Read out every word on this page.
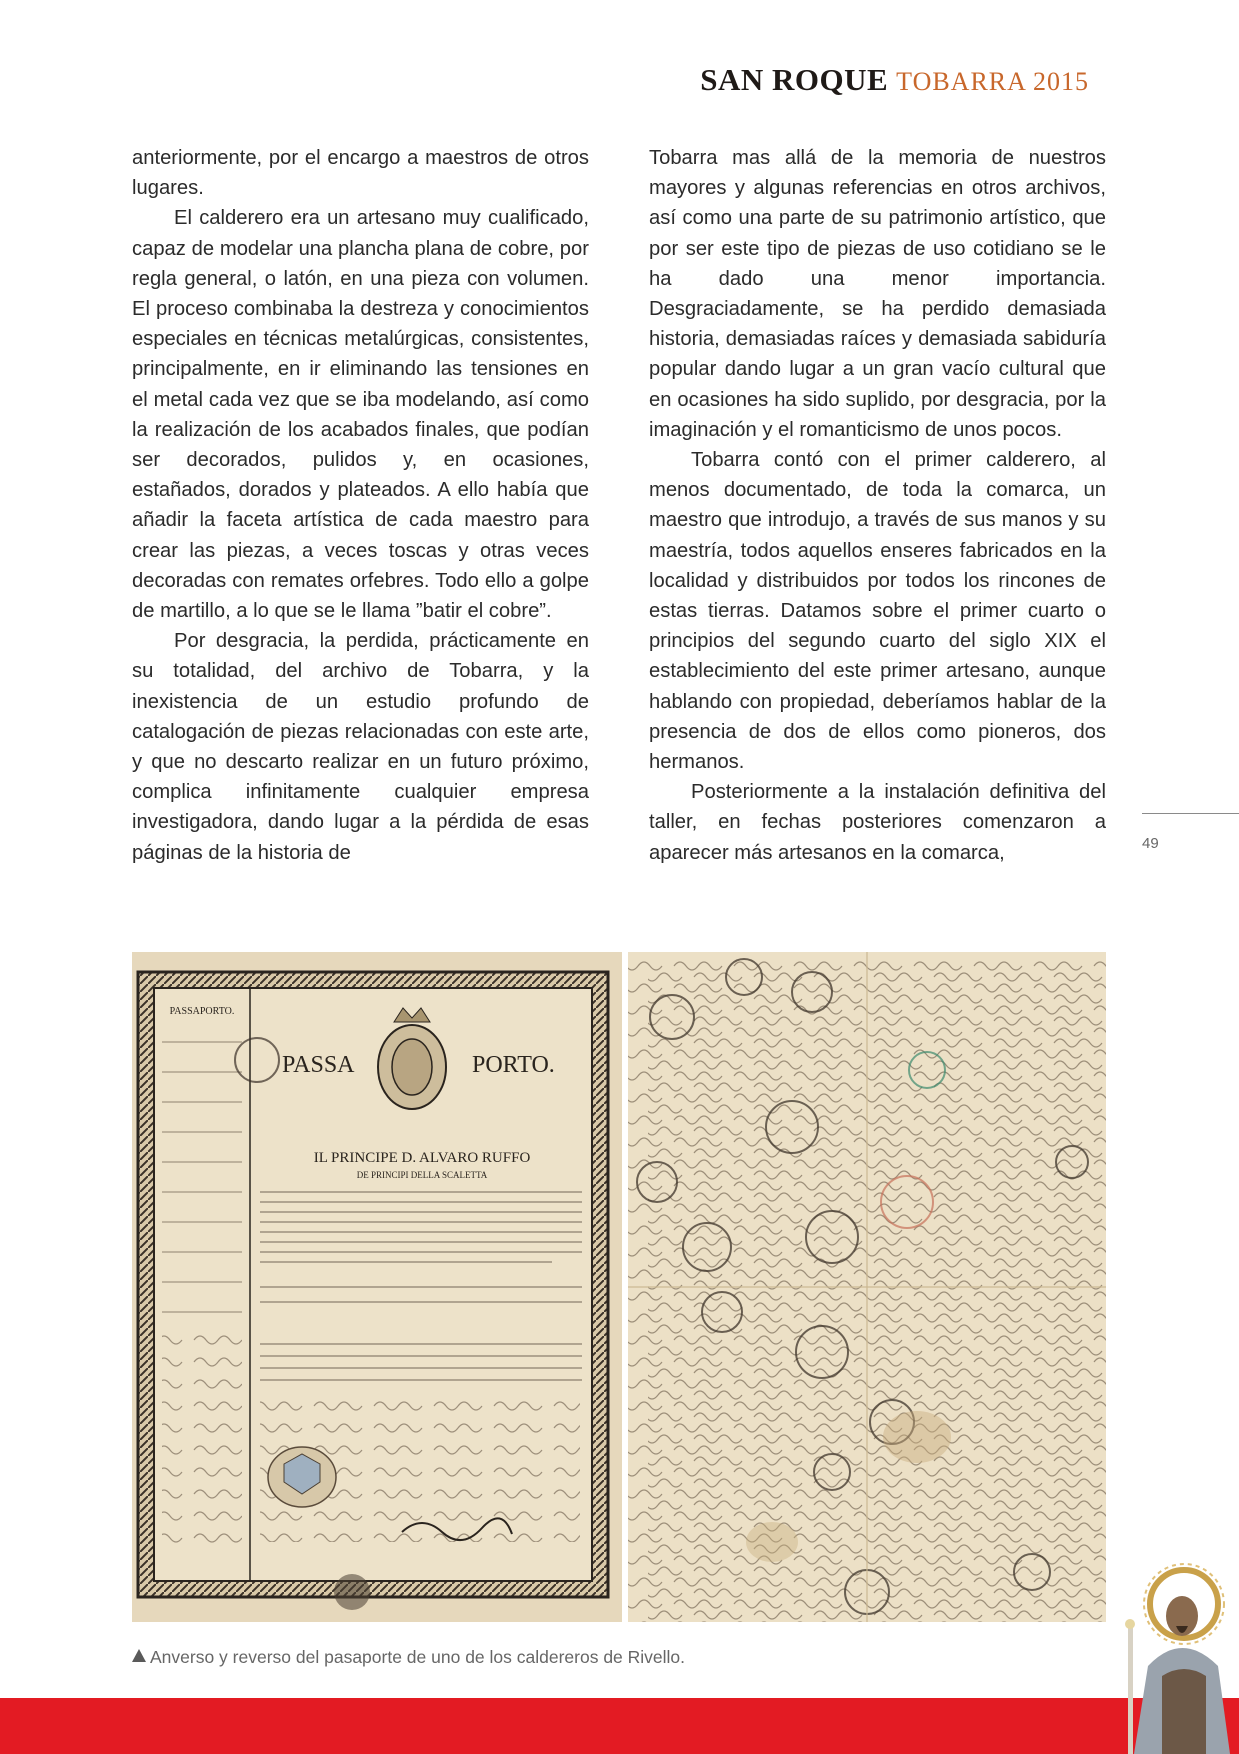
SAN ROQUE TOBARRA 2015

anteriormente, por el encargo a maestros de otros lugares.

El calderero era un artesano muy cualificado, capaz de modelar una plancha plana de cobre, por regla general, o latón, en una pieza con volumen. El proceso combinaba la destreza y conocimientos especiales en técnicas metalúrgicas, consistentes, principalmente, en ir eliminando las tensiones en el metal cada vez que se iba modelando, así como la realización de los acabados finales, que podían ser decorados, pulidos y, en ocasiones, estañados, dorados y plateados. A ello había que añadir la faceta artística de cada maestro para crear las piezas, a veces toscas y otras veces decoradas con remates orfebres. Todo ello a golpe de martillo, a lo que se le llama ”batir el cobre”.

Por desgracia, la perdida, prácticamente en su totalidad, del archivo de Tobarra, y la inexistencia de un estudio profundo de catalogación de piezas relacionadas con este arte, y que no descarto realizar en un futuro próximo, complica infinitamente cualquier empresa investigadora, dando lugar a la pérdida de esas páginas de la historia de

Tobarra mas allá de la memoria de nuestros mayores y algunas referencias en otros archivos, así como una parte de su patrimonio artístico, que por ser este tipo de piezas de uso cotidiano se le ha dado una menor importancia. Desgraciadamente, se ha perdido demasiada historia, demasiadas raíces y demasiada sabiduría popular dando lugar a un gran vacío cultural que en ocasiones ha sido suplido, por desgracia, por la imaginación y el romanticismo de unos pocos.

Tobarra contó con el primer calderero, al menos documentado, de toda la comarca, un maestro que introdujo, a través de sus manos y su maestría, todos aquellos enseres fabricados en la localidad y distribuidos por todos los rincones de estas tierras. Datamos sobre el primer cuarto o principios del segundo cuarto del siglo XIX el establecimiento del este primer artesano, aunque hablando con propiedad, deberíamos hablar de la presencia de dos de ellos como pioneros, dos hermanos.

Posteriormente a la instalación definitiva del taller, en fechas posteriores comenzaron a aparecer más artesanos en la comarca,	49
PASSAPORTO.
PASSA	PORTO.
IL PRINCIPE D. ALVARO RUFFO
DE PRINCIPI DELLA SCALETTA
Anverso y reverso del pasaporte de uno de los caldereros de Rivello.
